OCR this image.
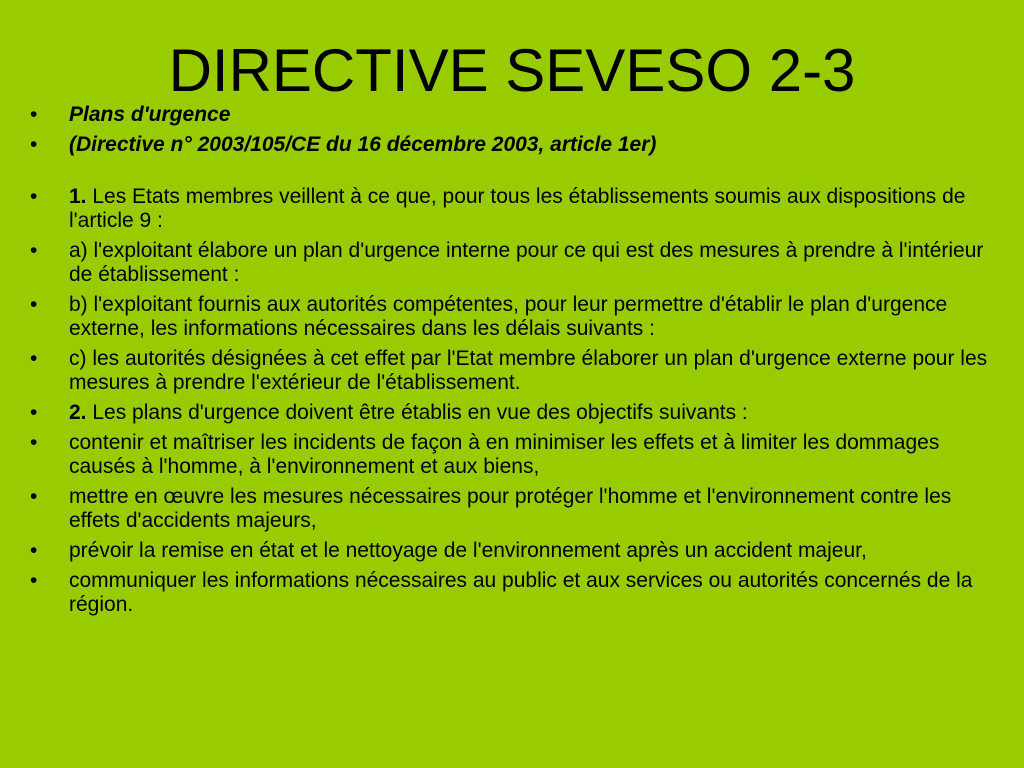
DIRECTIVE SEVESO 2-3
•	Plans d'urgence
•	(Directive n° 2003/105/CE du 16 décembre 2003, article 1er)
•	1. Les Etats membres veillent à ce que, pour tous les établissements soumis aux dispositions de l'article 9 :
•	a) l'exploitant élabore un plan d'urgence interne pour ce qui est des mesures à prendre à l'intérieur de établissement :
•	b) l'exploitant fournis aux autorités compétentes, pour leur permettre d'établir le plan d'urgence externe, les informations nécessaires dans les délais suivants :
•	c) les autorités désignées à cet effet par l'Etat membre élaborer un plan d'urgence externe pour les mesures à prendre l'extérieur de l'établissement.
•	2. Les plans d'urgence doivent être établis en vue des objectifs suivants :
•	contenir et maîtriser les incidents de façon à en minimiser les effets et à limiter les dommages causés à l'homme, à l'environnement et aux biens,
•	mettre en œuvre les mesures nécessaires pour protéger l'homme et l'environnement contre les effets d'accidents majeurs,
•	prévoir la remise en état et le nettoyage de l'environnement après un accident majeur,
•	communiquer les informations nécessaires au public et aux services ou autorités concernés de la région.
